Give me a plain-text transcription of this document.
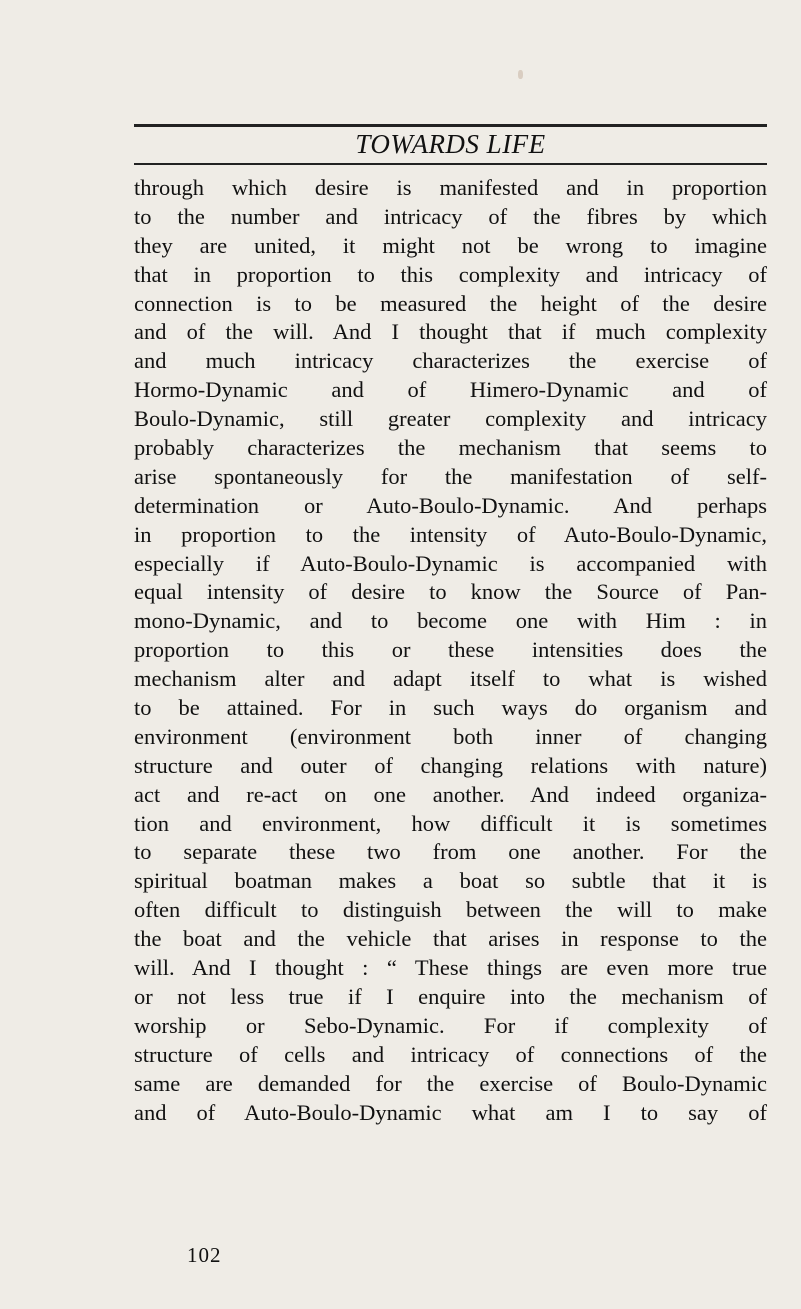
TOWARDS LIFE
through which desire is manifested and in proportion
to the number and intricacy of the fibres by which
they are united, it might not be wrong to imagine
that in proportion to this complexity and intricacy of
connection is to be measured the height of the desire
and of the will. And I thought that if much complexity
and much intricacy characterizes the exercise of
Hormo-Dynamic and of Himero-Dynamic and of
Boulo-Dynamic, still greater complexity and intricacy
probably characterizes the mechanism that seems to
arise spontaneously for the manifestation of self-
determination or Auto-Boulo-Dynamic. And perhaps
in proportion to the intensity of Auto-Boulo-Dynamic,
especially if Auto-Boulo-Dynamic is accompanied with
equal intensity of desire to know the Source of Pan-
mono-Dynamic, and to become one with Him : in
proportion to this or these intensities does the
mechanism alter and adapt itself to what is wished
to be attained. For in such ways do organism and
environment (environment both inner of changing
structure and outer of changing relations with nature)
act and re-act on one another. And indeed organiza-
tion and environment, how difficult it is sometimes
to separate these two from one another. For the
spiritual boatman makes a boat so subtle that it is
often difficult to distinguish between the will to make
the boat and the vehicle that arises in response to the
will. And I thought : “ These things are even more true
or not less true if I enquire into the mechanism of
worship or Sebo-Dynamic. For if complexity of
structure of cells and intricacy of connections of the
same are demanded for the exercise of Boulo-Dynamic
and of Auto-Boulo-Dynamic what am I to say of
102
